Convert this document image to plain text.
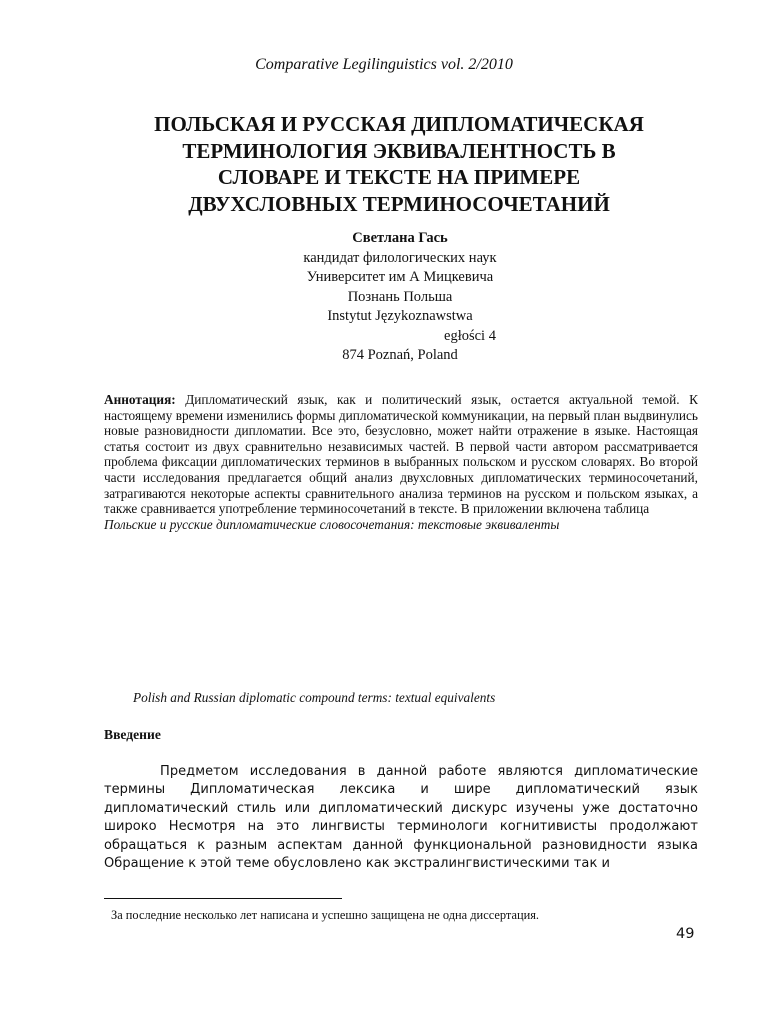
Comparative Legilinguistics vol. 2/2010

ПОЛЬСКАЯ И РУССКАЯ ДИПЛОМАТИЧЕСКАЯ
ТЕРМИНОЛОГИЯ ЭКВИВАЛЕНТНОСТЬ В
СЛОВАРЕ И ТЕКСТЕ НА ПРИМЕРЕ
ДВУХСЛОВНЫХ ТЕРМИНОСОЧЕТАНИЙ
Светлана Гась
кандидат филологических наук
Университет им А Мицкевича
Познань Польша
Instytut Językoznawstwa
egłości 4
874 Poznań, Poland
Аннотация: Дипломатический язык, как и политический язык, остается актуальной темой. К настоящему времени изменились формы дипломатической коммуникации, на первый план выдвинулись новые разновидности дипломатии. Все это, безусловно, может найти отражение в языке. Настоящая статья состоит из двух сравнительно независимых частей. В первой части автором рассматривается проблема фиксации дипломатических терминов в выбранных польском и русском словарях. Во второй части исследования предлагается общий анализ двухсловных дипломатических терминосочетаний, затрагиваются некоторые аспекты сравнительного анализа терминов на русском и польском языках, а также сравнивается употребление терминосочетаний в тексте. В приложении включена таблица
Польские и русские дипломатические словосочетания: текстовые эквиваленты

Polish and Russian diplomatic compound terms: textual equivalents

Введение

Предметом исследования в данной работе являются дипломатические термины Дипломатическая лексика и шире дипломатический язык дипломатический стиль или дипломатический дискурс изучены уже достаточно широко Несмотря на это лингвисты терминологи когнитивисты продолжают обращаться к разным аспектам данной функциональной разновидности языка Обращение к этой теме обусловлено как экстралингвистическими так и

За последние несколько лет написана и успешно защищена не одна диссертация.

49
